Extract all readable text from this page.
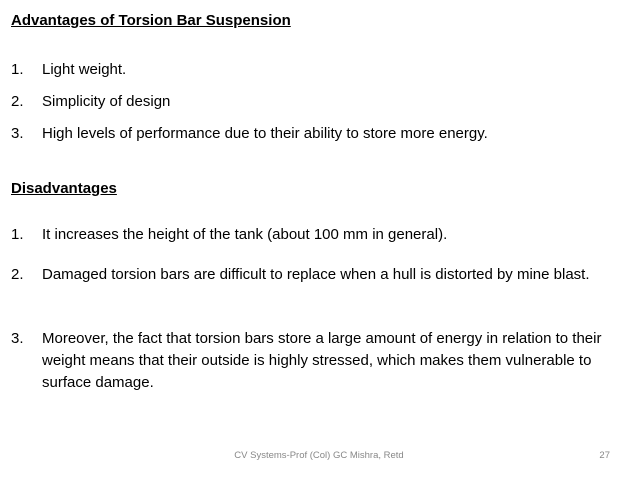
Advantages of Torsion Bar Suspension
1.	Light weight.
2.	Simplicity of design
3.	High levels of performance due to their ability to store more energy.
Disadvantages
1.	It increases the height of the tank (about 100 mm in general).
2.	Damaged torsion bars are difficult to replace when a hull is distorted by mine blast.
3.	Moreover, the fact that torsion bars store a large amount of energy in relation to their weight means that their outside is highly stressed, which makes them vulnerable to surface damage.
CV Systems-Prof (Col) GC Mishra, Retd	27
